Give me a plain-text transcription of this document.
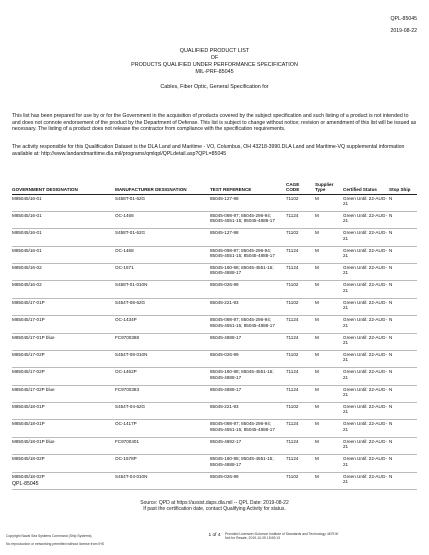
QPL-85045
2019-08-22
QUALIFIED PRODUCT LIST
OF
PRODUCTS QUALIFIED UNDER PERFORMANCE SPECIFICATION
MIL-PRF-85045
Cables, Fiber Optic, General Specification for
This list has been prepared for use by or for the Government in the acquisition of products covered by the subject specification and such listing of a product is not intended to and does not connote endorsement of the product by the Department of Defense. This list is subject to change without notice; revision or amendment of this list will be issued as necessary. The listing of a product does not release the contractor from compliance with the specification requirements.
The activity responsible for this Qualification Dataset is the DLA Land and Maritime - VO, Columbus, OH 43218-3990.DLA Land and Maritime-VQ supplemental information available at: http://www.landandmaritime.dla.mil/programs/qmlqpl/QPLdetail.asp?QPL=85045
GOVERNMENT DESIGNATION	MANUFACTURER DESIGNATION	TEST REFERENCE	CAGE CODE	Supplier Type	Certified Status	Stop Ship
M85045/16-01	S458T-01-62G	85045-127-98	71102	M	Green Until: 22-AUG-21	N
M85045/16-01	OC-1468	85045-098-97; 85045-296-94; 85045-4551-15; 85045-4888-17	71124	M	Green Until: 22-AUG-21	N
M85045/16-01	S458T-01-62G	85045-127-98	71102	M	Green Until: 22-AUG-21	N
M85045/16-01	OC-1468	85045-098-97; 85045-296-94; 85045-4551-15; 85045-4888-17	71124	M	Green Until: 22-AUG-21	N
M85045/16-02	OC-1571	85045-160-98; 85045-4551-15; 85045-4888-17	71124	M	Green Until: 22-AUG-21	N
M85045/16-02	S458T-01-010N	85045-026-99	71102	M	Green Until: 22-AUG-21	N
M85045/17-01P	S454T-08-62G	85045-221-93	71102	M	Green Until: 22-AUG-21	N
M85045/17-01P	OC-1434P	85045-098-97; 85045-296-94; 85045-4551-15; 85045-4888-17	71124	M	Green Until: 22-AUG-21	N
M85045/17-01P blue	FC9700388	85045-4888-17	71124	M	Green Until: 22-AUG-21	N
M85045/17-02P	S454T-08-010N	85045-026-99	71102	M	Green Until: 22-AUG-21	N
M85045/17-02P	OC-1462P	85045-160-98; 85045-4551-15; 85045-4888-17	71124	M	Green Until: 22-AUG-21	N
M85045/17-02P blue	FC9700383	85045-4888-17	71124	M	Green Until: 22-AUG-21	N
M85045/18-01P	S454T-04-62G	85045-221-93	71102	M	Green Until: 22-AUG-21	N
M85045/18-01P	OC-1417P	85045-098-97; 85045-296-94; 85045-4551-15; 85045-4888-17	71124	M	Green Until: 22-AUG-21	N
M85045/18-01P blue	FC9700401	85045-4892-17	71124	M	Green Until: 22-AUG-21	N
M85045/18-02P	OC-1578P	85045-160-98; 85045-4551-15; 85045-4888-17	71124	M	Green Until: 22-AUG-21	N
M85045/18-02P	S454T-04-010N	85045-026-99	71102	M	Green Until: 22-AUG-21	N
QPL-85045
Source: QPD at https://assist.daps.dla.mil -- QPL Date: 2019-08-22
If past the certification date, contact Qualifying Activity for status.
1 of 4
Copyright Naval Sea Systems Command (Ship Systems)
No reproduction or networking permitted without license from IHS
Provided Licensee=Solomon Institute of Standards and Technology 4675 5f
Not for Resale, 2019-10-05 15:59:13
